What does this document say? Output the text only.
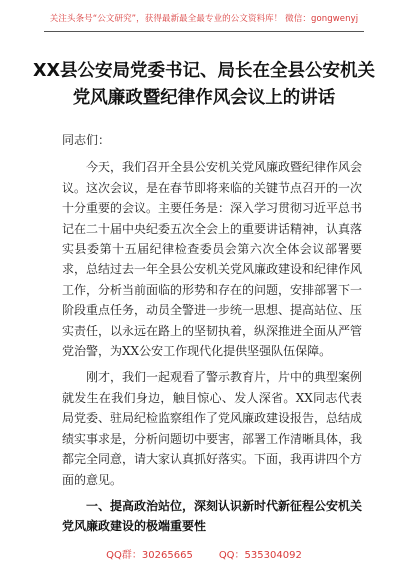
关注头条号“公文研究”，获得最新最全最专业的公文资料库！ 微信：gongwenyj
XX县公安局党委书记、局长在全县公安机关党风廉政暨纪律作风会议上的讲话

同志们：

今天，我们召开全县公安机关党风廉政暨纪律作风会议。这次会议，是在春节即将来临的关键节点召开的一次十分重要的会议。主要任务是：深入学习贯彻习近平总书记在二十届中央纪委五次全会上的重要讲话精神，认真落实县委第十五届纪律检查委员会第六次全体会议部署要求，总结过去一年全县公安机关党风廉政建设和纪律作风工作，分析当前面临的形势和存在的问题，安排部署下一阶段重点任务，动员全警进一步统一思想、提高站位、压实责任，以永远在路上的坚韧执着，纵深推进全面从严管党治警，为XX公安工作现代化提供坚强队伍保障。

刚才，我们一起观看了警示教育片，片中的典型案例就发生在我们身边，触目惊心、发人深省。XX同志代表局党委、驻局纪检监察组作了党风廉政建设报告，总结成绩实事求是，分析问题切中要害，部署工作清晰具体，我都完全同意，请大家认真抓好落实。下面，我再讲四个方面的意见。

一、提高政治站位，深刻认识新时代新征程公安机关党风廉政建设的极端重要性

QQ群：30265665	QQ：535304092
